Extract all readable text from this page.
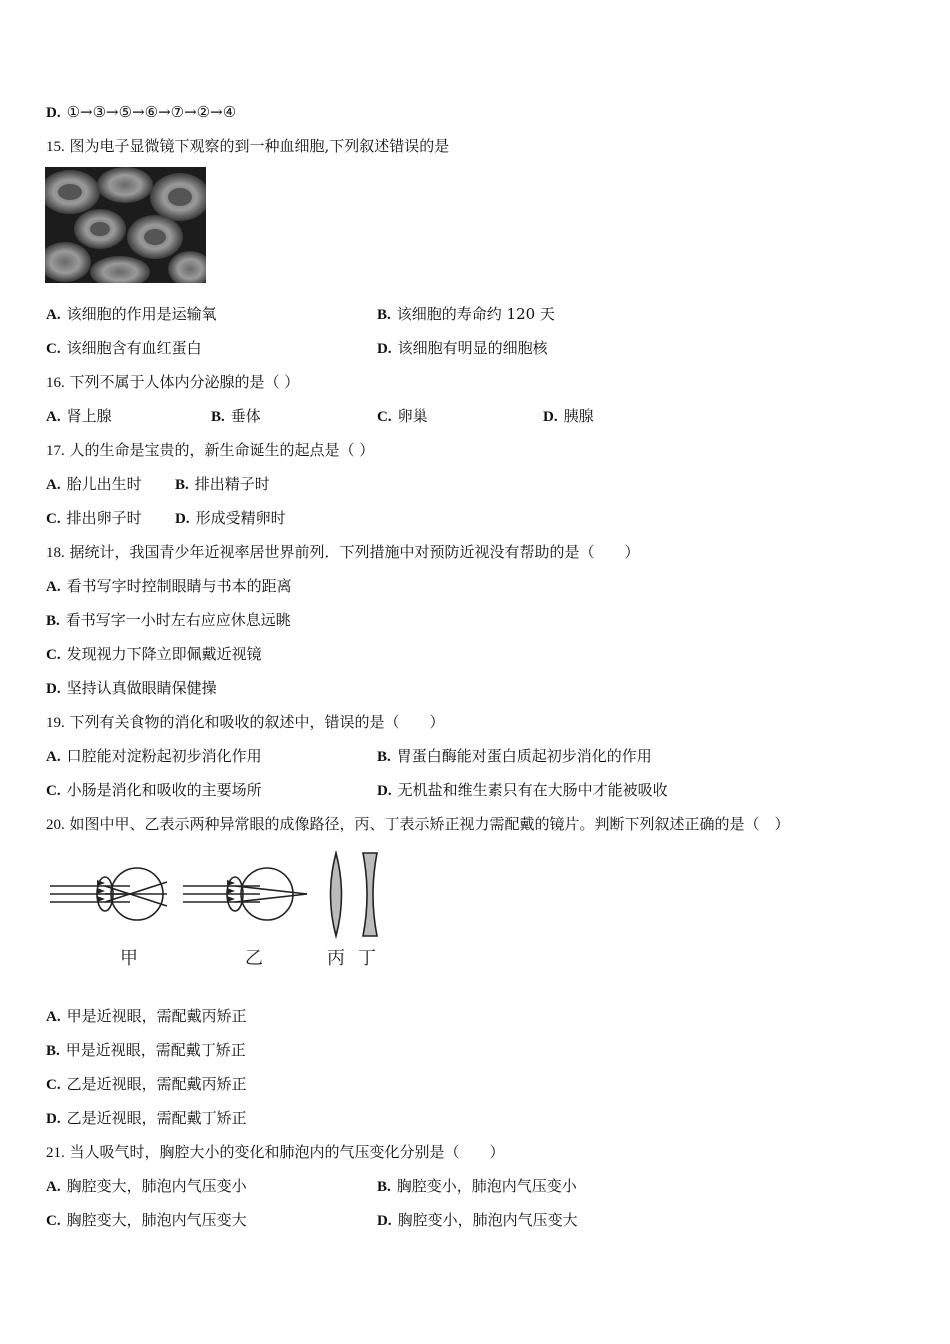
D. ①→③→⑤→⑥→⑦→②→④
15. 图为电子显微镜下观察的到一种血细胞,下列叙述错误的是
A. 该细胞的作用是运输氧	B. 该细胞的寿命约 120 天
C. 该细胞含有血红蛋白	D. 该细胞有明显的细胞核
16. 下列不属于人体内分泌腺的是（ ）
A. 肾上腺	B. 垂体	C. 卵巢	D. 胰腺
17. 人的生命是宝贵的，新生命诞生的起点是（ ）
A. 胎儿出生时 B. 排出精子时
C. 排出卵子时 D. 形成受精卵时
18. 据统计，我国青少年近视率居世界前列．下列措施中对预防近视没有帮助的是（　　）
A. 看书写字时控制眼睛与书本的距离
B. 看书写字一小时左右应应休息远眺
C. 发现视力下降立即佩戴近视镜
D. 坚持认真做眼睛保健操
19. 下列有关食物的消化和吸收的叙述中，错误的是（　　）
A. 口腔能对淀粉起初步消化作用	B. 胃蛋白酶能对蛋白质起初步消化的作用
C. 小肠是消化和吸收的主要场所	D. 无机盐和维生素只有在大肠中才能被吸收
20. 如图中甲、乙表示两种异常眼的成像路径，丙、丁表示矫正视力需配戴的镜片。判断下列叙述正确的是（　）
甲	乙	丙 丁
A. 甲是近视眼，需配戴丙矫正
B. 甲是近视眼，需配戴丁矫正
C. 乙是近视眼，需配戴丙矫正
D. 乙是近视眼，需配戴丁矫正
21. 当人吸气时，胸腔大小的变化和肺泡内的气压变化分别是（　　）
A. 胸腔变大，肺泡内气压变小	B. 胸腔变小，肺泡内气压变小
C. 胸腔变大，肺泡内气压变大	D. 胸腔变小，肺泡内气压变大
